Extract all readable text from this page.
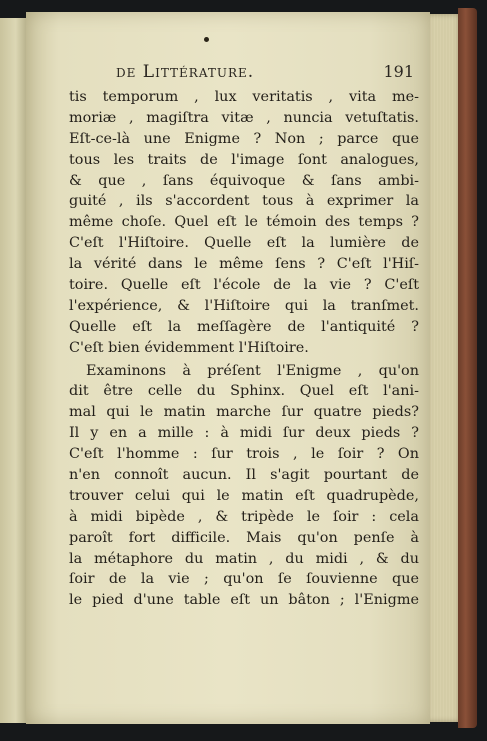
de Littérature.	191
tis temporum , lux veritatis , vita me-
moriæ , magiſtra vitæ , nuncia vetuſtatis.
Eſt-ce-là une Enigme ? Non ; parce que
tous les traits de l'image ſont analogues,
& que , ſans équivoque & ſans ambi-
guité , ils s'accordent tous à exprimer la
même choſe. Quel eſt le témoin des temps ?
C'eſt l'Hiſtoire. Quelle eſt la lumière de
la vérité dans le même ſens ? C'eſt l'Hiſ-
toire. Quelle eſt l'école de la vie ? C'eſt
l'expérience, & l'Hiſtoire qui la tranſmet.
Quelle eſt la meſſagère de l'antiquité ?
C'eſt bien évidemment l'Hiſtoire.
Examinons à préſent l'Enigme , qu'on
dit être celle du Sphinx. Quel eſt l'ani-
mal qui le matin marche ſur quatre pieds?
Il y en a mille : à midi ſur deux pieds ?
C'eſt l'homme : ſur trois , le ſoir ? On
n'en connoît aucun. Il s'agit pourtant de
trouver celui qui le matin eſt quadrupède,
à midi bipède , & tripède le ſoir : cela
paroît fort difficile. Mais qu'on penſe à
la métaphore du matin , du midi , & du
ſoir de la vie ; qu'on ſe ſouvienne que
le pied d'une table eſt un bâton ; l'Enigme
